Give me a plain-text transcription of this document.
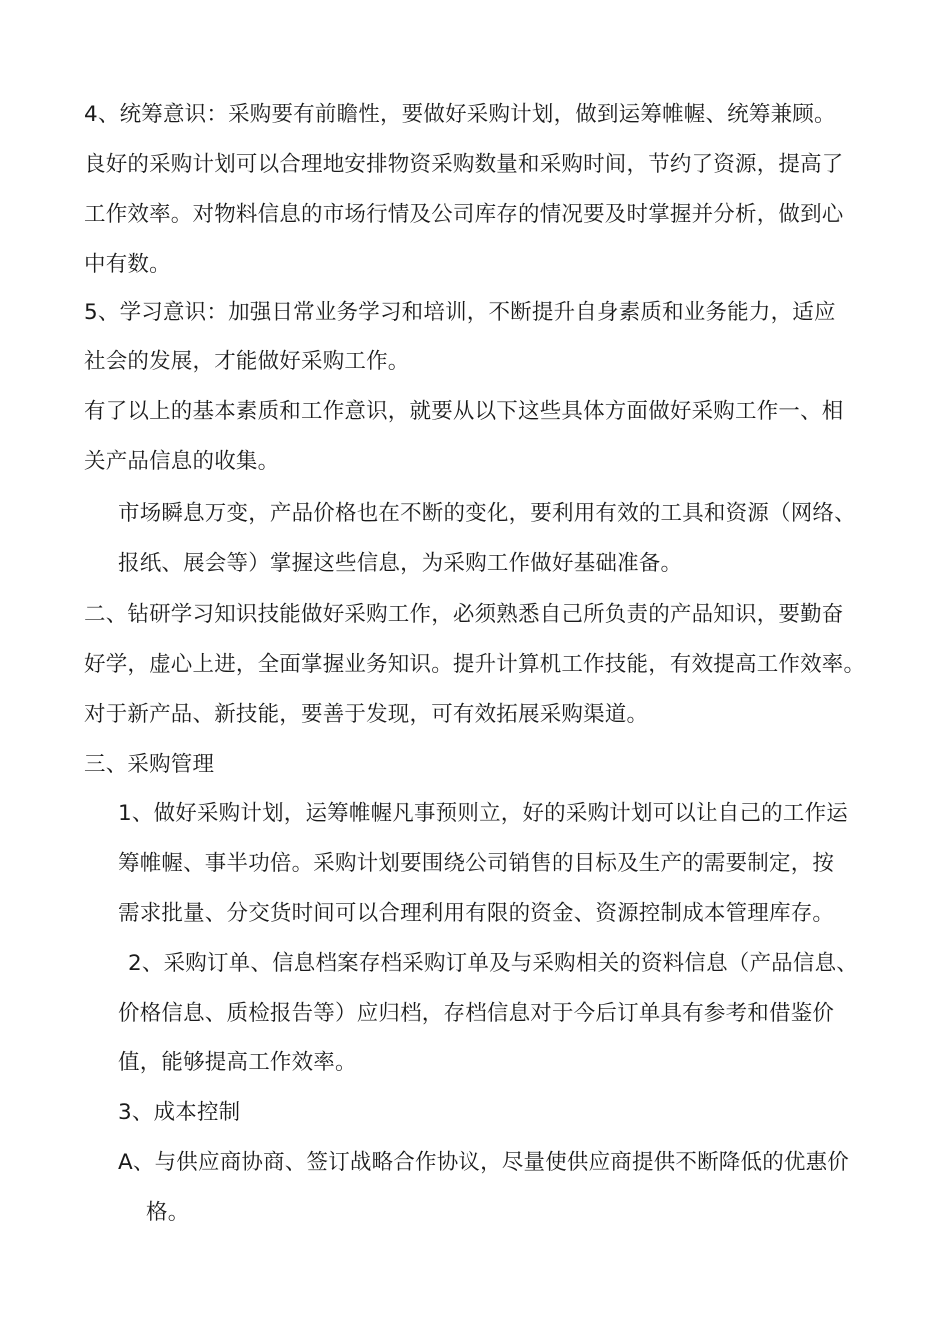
4、统筹意识：采购要有前瞻性，要做好采购计划，做到运筹帷幄、统筹兼顾。
良好的采购计划可以合理地安排物资采购数量和采购时间，节约了资源，提高了
工作效率。对物料信息的市场行情及公司库存的情况要及时掌握并分析，做到心
中有数。
5、学习意识：加强日常业务学习和培训，不断提升自身素质和业务能力，适应
社会的发展，才能做好采购工作。
有了以上的基本素质和工作意识，就要从以下这些具体方面做好采购工作一、相
关产品信息的收集。
市场瞬息万变，产品价格也在不断的变化，要利用有效的工具和资源（网络、
报纸、展会等）掌握这些信息，为采购工作做好基础准备。
二、钻研学习知识技能做好采购工作，必须熟悉自己所负责的产品知识，要勤奋
好学，虚心上进，全面掌握业务知识。提升计算机工作技能，有效提高工作效率。
对于新产品、新技能，要善于发现，可有效拓展采购渠道。
三、采购管理
1、做好采购计划，运筹帷幄凡事预则立，好的采购计划可以让自己的工作运
筹帷幄、事半功倍。采购计划要围绕公司销售的目标及生产的需要制定，按
需求批量、分交货时间可以合理利用有限的资金、资源控制成本管理库存。
2、采购订单、信息档案存档采购订单及与采购相关的资料信息（产品信息、
价格信息、质检报告等）应归档，存档信息对于今后订单具有参考和借鉴价
值，能够提高工作效率。
3、成本控制
A、与供应商协商、签订战略合作协议，尽量使供应商提供不断降低的优惠价
格。
